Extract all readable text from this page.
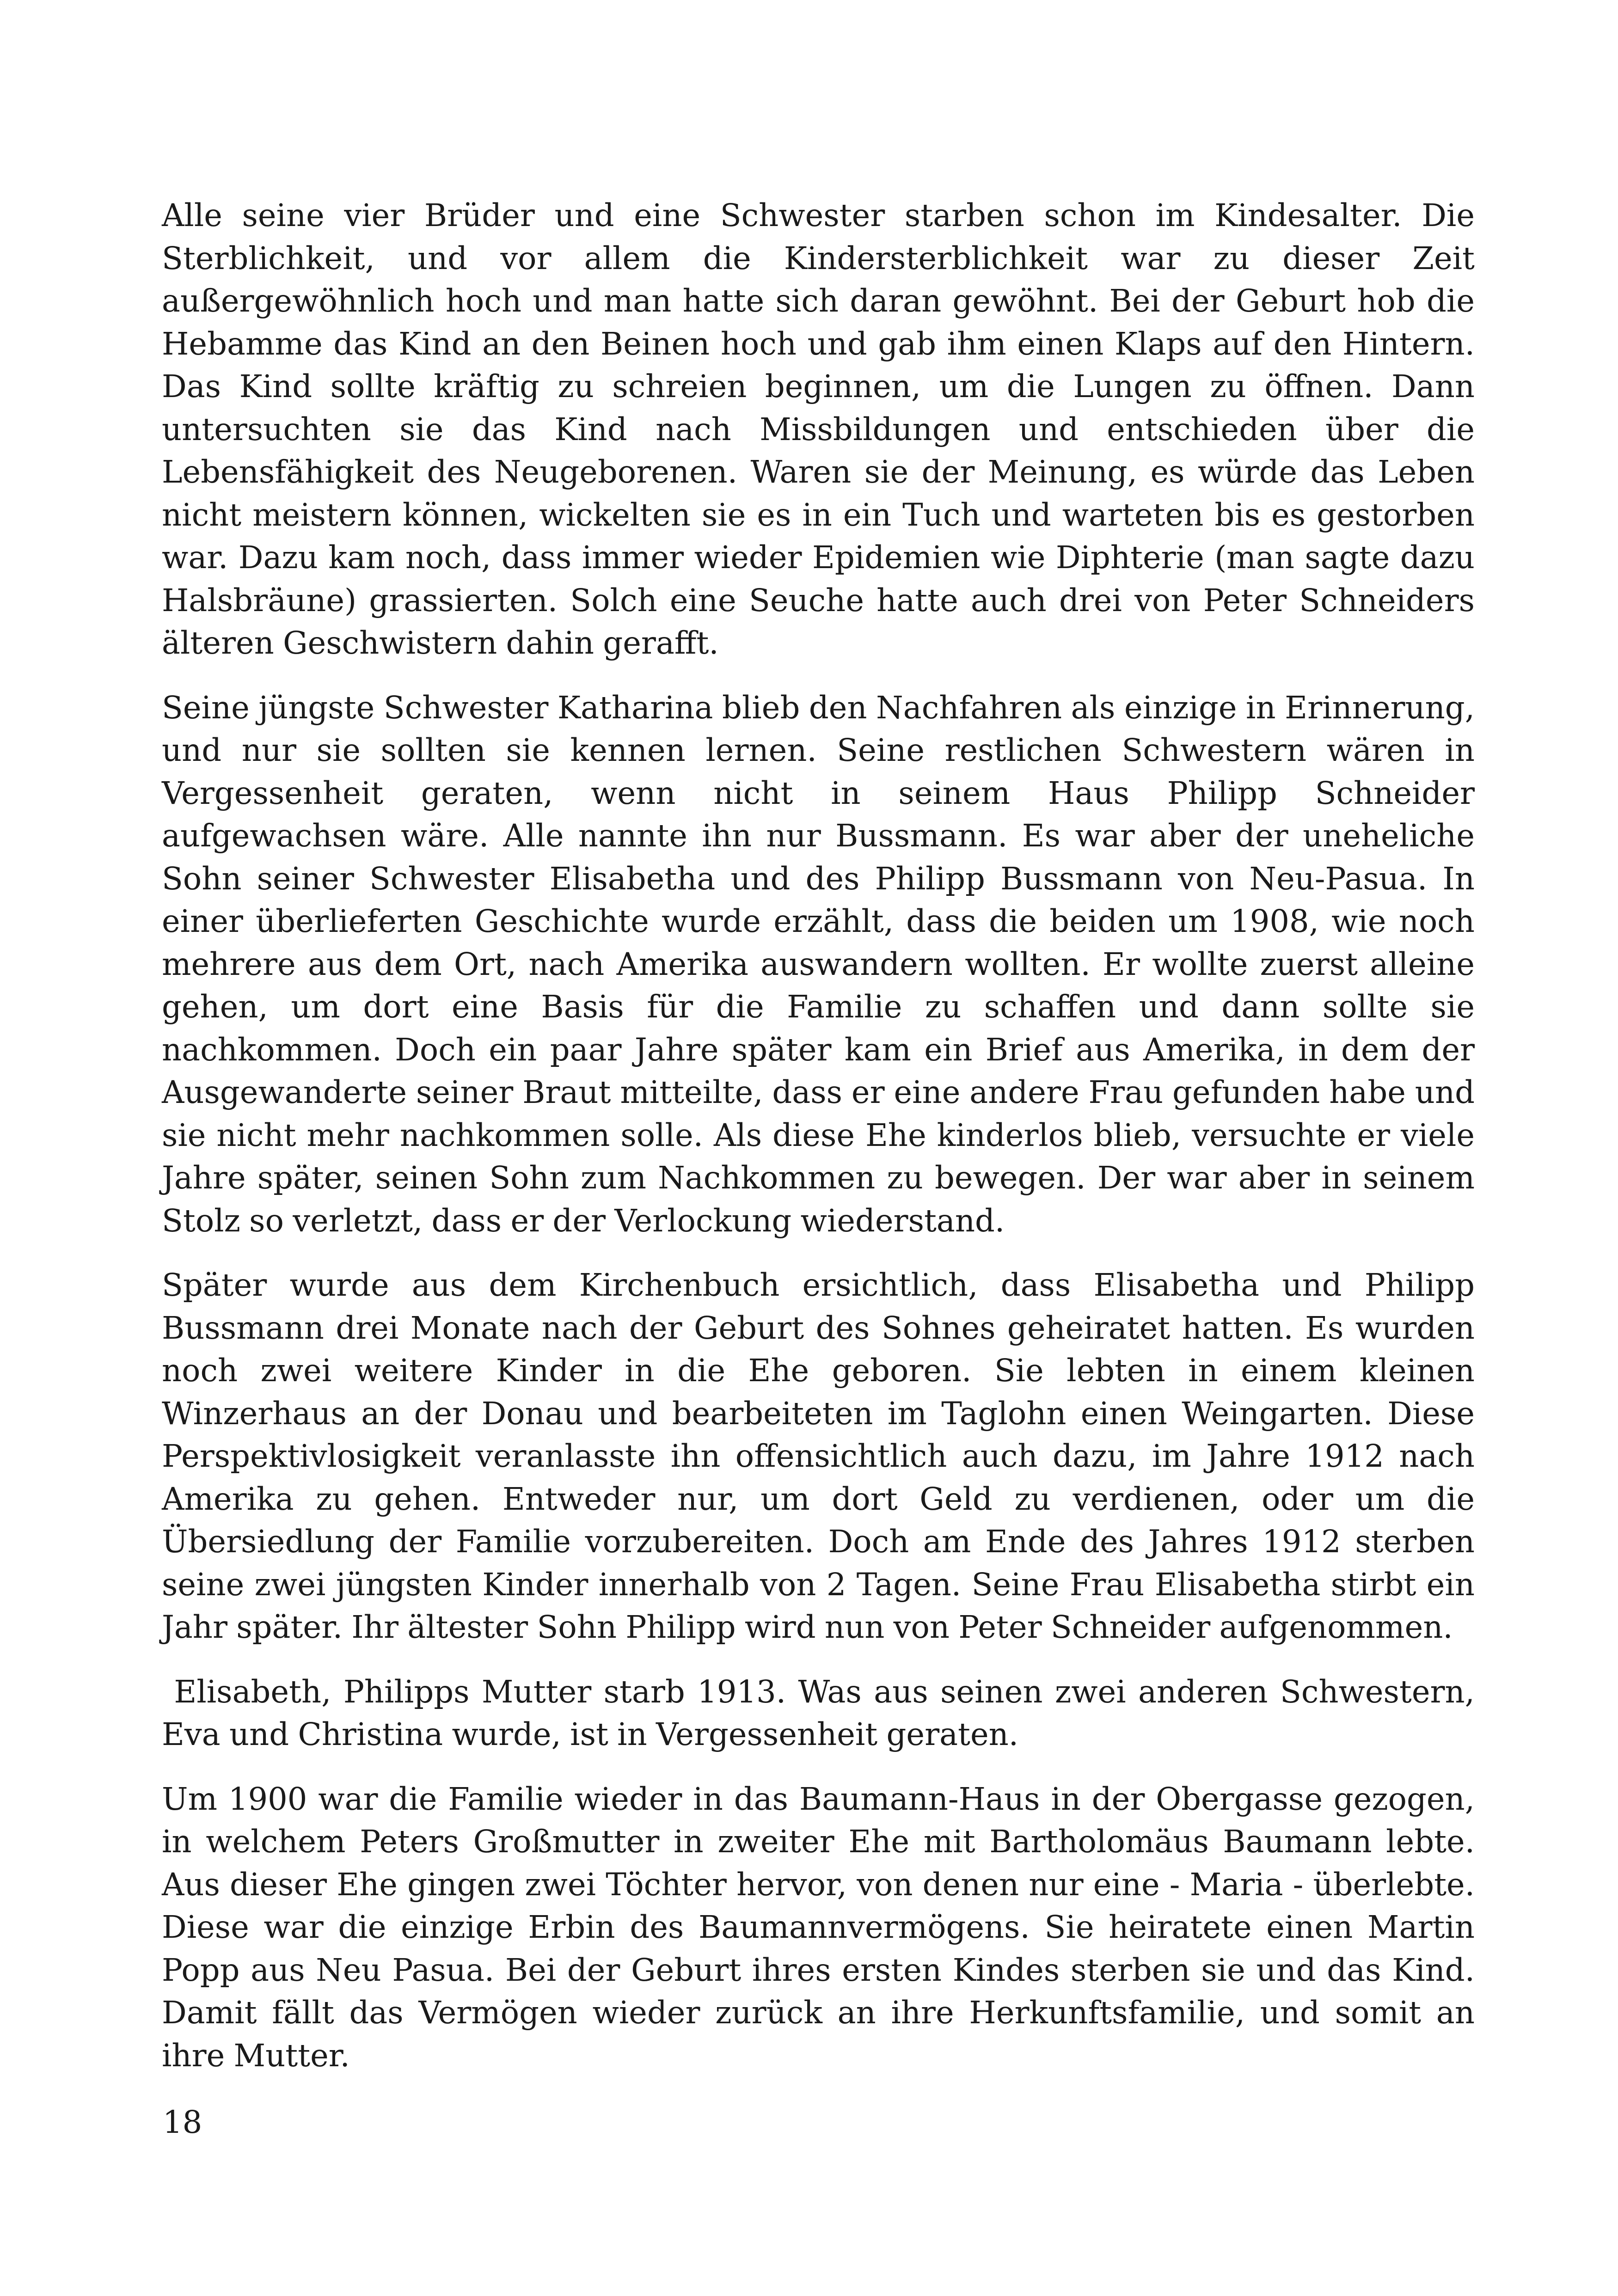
Alle seine vier Brüder und eine Schwester starben schon im Kindesalter. Die Sterblichkeit, und vor allem die Kindersterblichkeit war zu dieser Zeit außergewöhnlich hoch und man hatte sich daran gewöhnt. Bei der Geburt hob die Hebamme das Kind an den Beinen hoch und gab ihm einen Klaps auf den Hintern. Das Kind sollte kräftig zu schreien beginnen, um die Lungen zu öffnen. Dann untersuchten sie das Kind nach Missbildungen und entschieden über die Lebensfähigkeit des Neugeborenen. Waren sie der Meinung, es würde das Leben nicht meistern können, wickelten sie es in ein Tuch und warteten bis es gestorben war. Dazu kam noch, dass immer wieder Epidemien wie Diphterie (man sagte dazu Halsbräune) grassierten. Solch eine Seuche hatte auch drei von Peter Schneiders älteren Geschwistern dahin gerafft.

Seine jüngste Schwester Katharina blieb den Nachfahren als einzige in Erinnerung, und nur sie sollten sie kennen lernen. Seine restlichen Schwestern wären in Vergessenheit geraten, wenn nicht in seinem Haus Philipp Schneider aufgewachsen wäre. Alle nannte ihn nur Bussmann. Es war aber der uneheliche Sohn seiner Schwester Elisabetha und des Philipp Bussmann von Neu-Pasua. In einer überlieferten Geschichte wurde erzählt, dass die beiden um 1908, wie noch mehrere aus dem Ort, nach Amerika auswandern wollten. Er wollte zuerst alleine gehen, um dort eine Basis für die Familie zu schaffen und dann sollte sie nachkommen. Doch ein paar Jahre später kam ein Brief aus Amerika, in dem der Ausgewanderte seiner Braut mitteilte, dass er eine andere Frau gefunden habe und sie nicht mehr nachkommen solle. Als diese Ehe kinderlos blieb, versuchte er viele Jahre später, seinen Sohn zum Nachkommen zu bewegen. Der war aber in seinem Stolz so verletzt, dass er der Verlockung wiederstand.

Später wurde aus dem Kirchenbuch ersichtlich, dass Elisabetha und Philipp Bussmann drei Monate nach der Geburt des Sohnes geheiratet hatten. Es wurden noch zwei weitere Kinder in die Ehe geboren. Sie lebten in einem kleinen Winzerhaus an der Donau und bearbeiteten im Taglohn einen Weingarten. Diese Perspektivlosigkeit veranlasste ihn offensichtlich auch dazu, im Jahre 1912 nach Amerika zu gehen. Entweder nur, um dort Geld zu verdienen, oder um die Übersiedlung der Familie vorzubereiten. Doch am Ende des Jahres 1912 sterben seine zwei jüngsten Kinder innerhalb von 2 Tagen. Seine Frau Elisabetha stirbt ein Jahr später. Ihr ältester Sohn Philipp wird nun von Peter Schneider aufgenommen.

Elisabeth, Philipps Mutter starb 1913. Was aus seinen zwei anderen Schwestern, Eva und Christina wurde, ist in Vergessenheit geraten.

Um 1900 war die Familie wieder in das Baumann-Haus in der Obergasse gezogen, in welchem Peters Großmutter in zweiter Ehe mit Bartholomäus Baumann lebte. Aus dieser Ehe gingen zwei Töchter hervor, von denen nur eine - Maria - überlebte. Diese war die einzige Erbin des Baumannvermögens. Sie heiratete einen Martin Popp aus Neu Pasua. Bei der Geburt ihres ersten Kindes sterben sie und das Kind. Damit fällt das Vermögen wieder zurück an ihre Herkunftsfamilie, und somit an ihre Mutter.

18
